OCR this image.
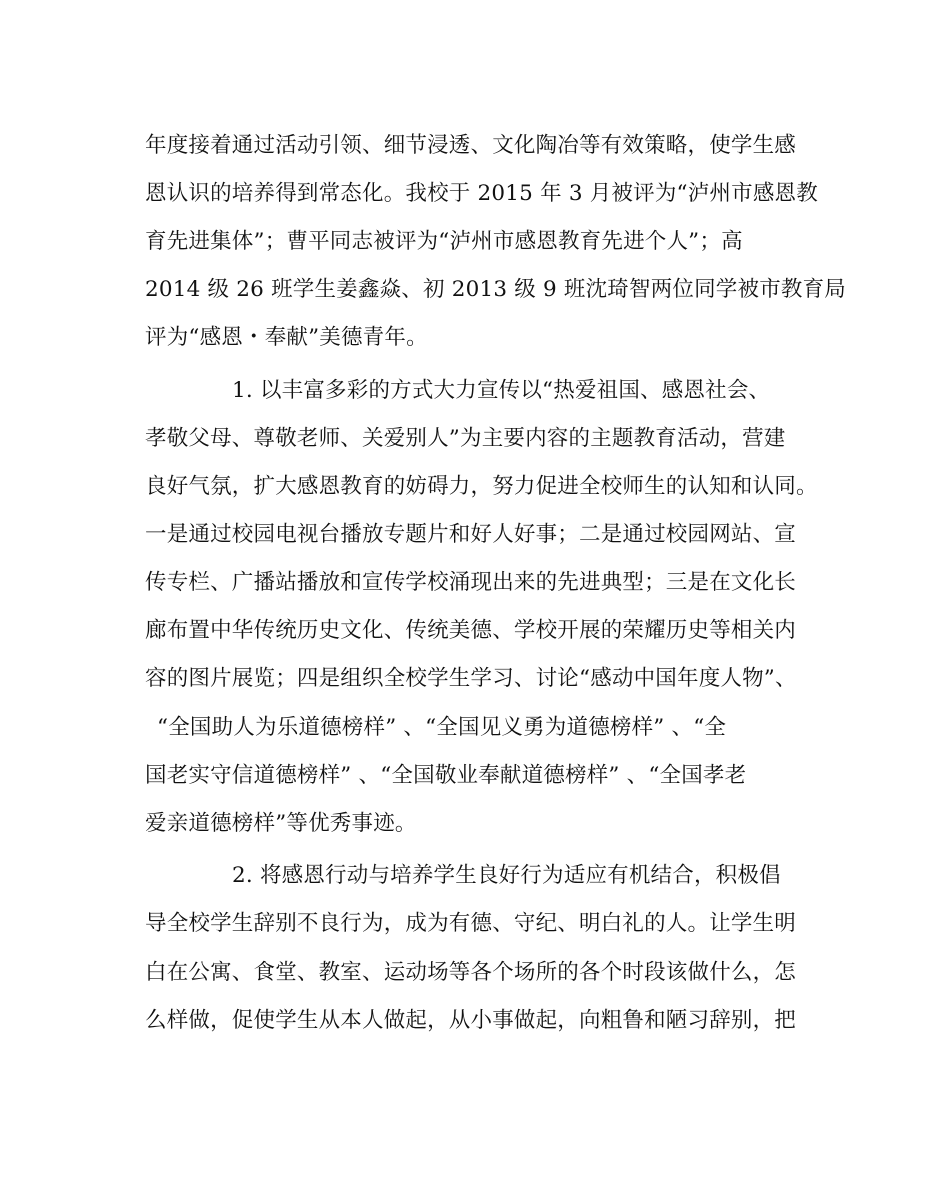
年度接着通过活动引领、细节浸透、文化陶冶等有效策略，使学生感
恩认识的培养得到常态化。我校于 2015 年 3 月被评为“泸州市感恩教
育先进集体”；曹平同志被评为“泸州市感恩教育先进个人”；高
2014 级 26 班学生姜鑫焱、初 2013 级 9 班沈琦智两位同学被市教育局
评为“感恩・奉献”美德青年。
1. 以丰富多彩的方式大力宣传以“热爱祖国、感恩社会、
孝敬父母、尊敬老师、关爱别人”为主要内容的主题教育活动，营建
良好气氛，扩大感恩教育的妨碍力，努力促进全校师生的认知和认同。
一是通过校园电视台播放专题片和好人好事；二是通过校园网站、宣
传专栏、广播站播放和宣传学校涌现出来的先进典型；三是在文化长
廊布置中华传统历史文化、传统美德、学校开展的荣耀历史等相关内
容的图片展览；四是组织全校学生学习、讨论“感动中国年度人物”、
“全国助人为乐道德榜样” 、“全国见义勇为道德榜样” 、“全
国老实守信道德榜样” 、“全国敬业奉献道德榜样” 、“全国孝老
爱亲道德榜样”等优秀事迹。
2. 将感恩行动与培养学生良好行为适应有机结合，积极倡
导全校学生辞别不良行为，成为有德、守纪、明白礼的人。让学生明
白在公寓、食堂、教室、运动场等各个场所的各个时段该做什么，怎
么样做，促使学生从本人做起，从小事做起，向粗鲁和陋习辞别，把
